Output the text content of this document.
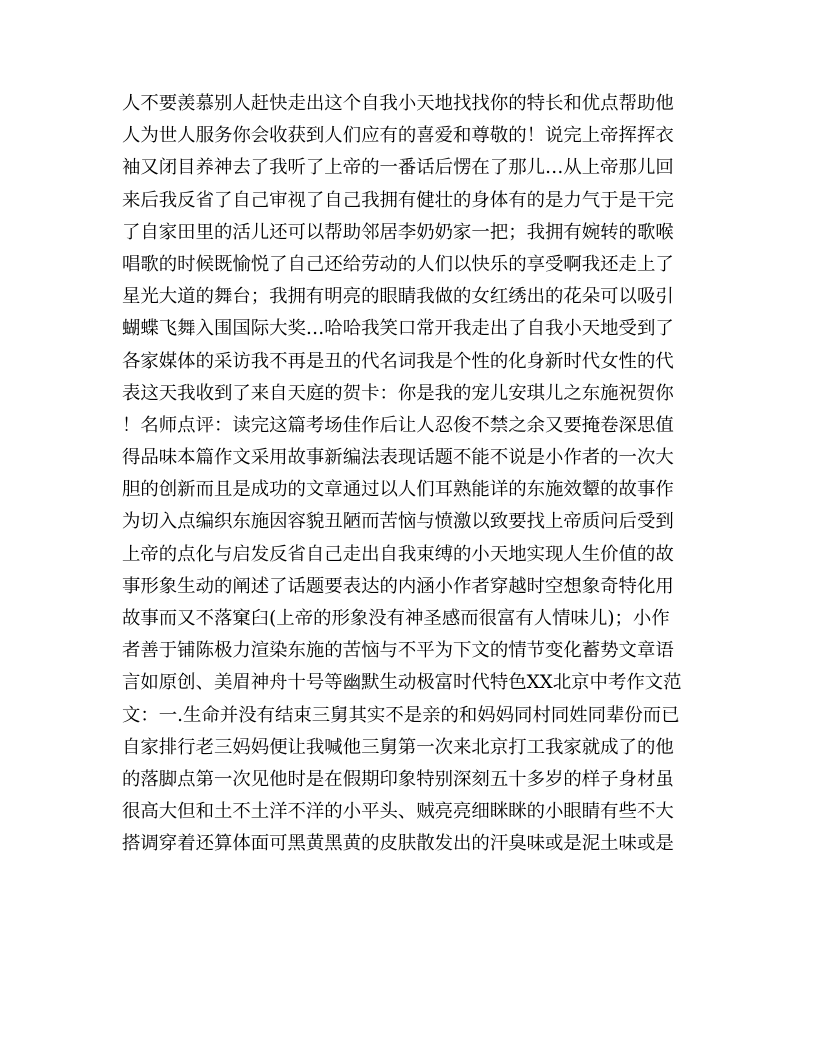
人不要羡慕别人赶快走出这个自我小天地找找你的特长和优点帮助他
人为世人服务你会收获到人们应有的喜爱和尊敬的！说完上帝挥挥衣
袖又闭目养神去了我听了上帝的一番话后愣在了那儿…从上帝那儿回
来后我反省了自己审视了自己我拥有健壮的身体有的是力气于是干完
了自家田里的活儿还可以帮助邻居李奶奶家一把；我拥有婉转的歌喉
唱歌的时候既愉悦了自己还给劳动的人们以快乐的享受啊我还走上了
星光大道的舞台；我拥有明亮的眼睛我做的女红绣出的花朵可以吸引
蝴蝶飞舞入围国际大奖…哈哈我笑口常开我走出了自我小天地受到了
各家媒体的采访我不再是丑的代名词我是个性的化身新时代女性的代
表这天我收到了来自天庭的贺卡：你是我的宠儿安琪儿之东施祝贺你
！名师点评：读完这篇考场佳作后让人忍俊不禁之余又要掩卷深思值
得品味本篇作文采用故事新编法表现话题不能不说是小作者的一次大
胆的创新而且是成功的文章通过以人们耳熟能详的东施效颦的故事作
为切入点编织东施因容貌丑陋而苦恼与愤激以致要找上帝质问后受到
上帝的点化与启发反省自己走出自我束缚的小天地实现人生价值的故
事形象生动的阐述了话题要表达的内涵小作者穿越时空想象奇特化用
故事而又不落窠臼(上帝的形象没有神圣感而很富有人情味儿)；小作
者善于铺陈极力渲染东施的苦恼与不平为下文的情节变化蓄势文章语
言如原创、美眉神舟十号等幽默生动极富时代特色XX北京中考作文范
文：一.生命并没有结束三舅其实不是亲的和妈妈同村同姓同辈份而已
自家排行老三妈妈便让我喊他三舅第一次来北京打工我家就成了的他
的落脚点第一次见他时是在假期印象特别深刻五十多岁的样子身材虽
很高大但和土不土洋不洋的小平头、贼亮亮细眯眯的小眼睛有些不大
搭调穿着还算体面可黑黄黑黄的皮肤散发出的汗臭味或是泥土味或是
